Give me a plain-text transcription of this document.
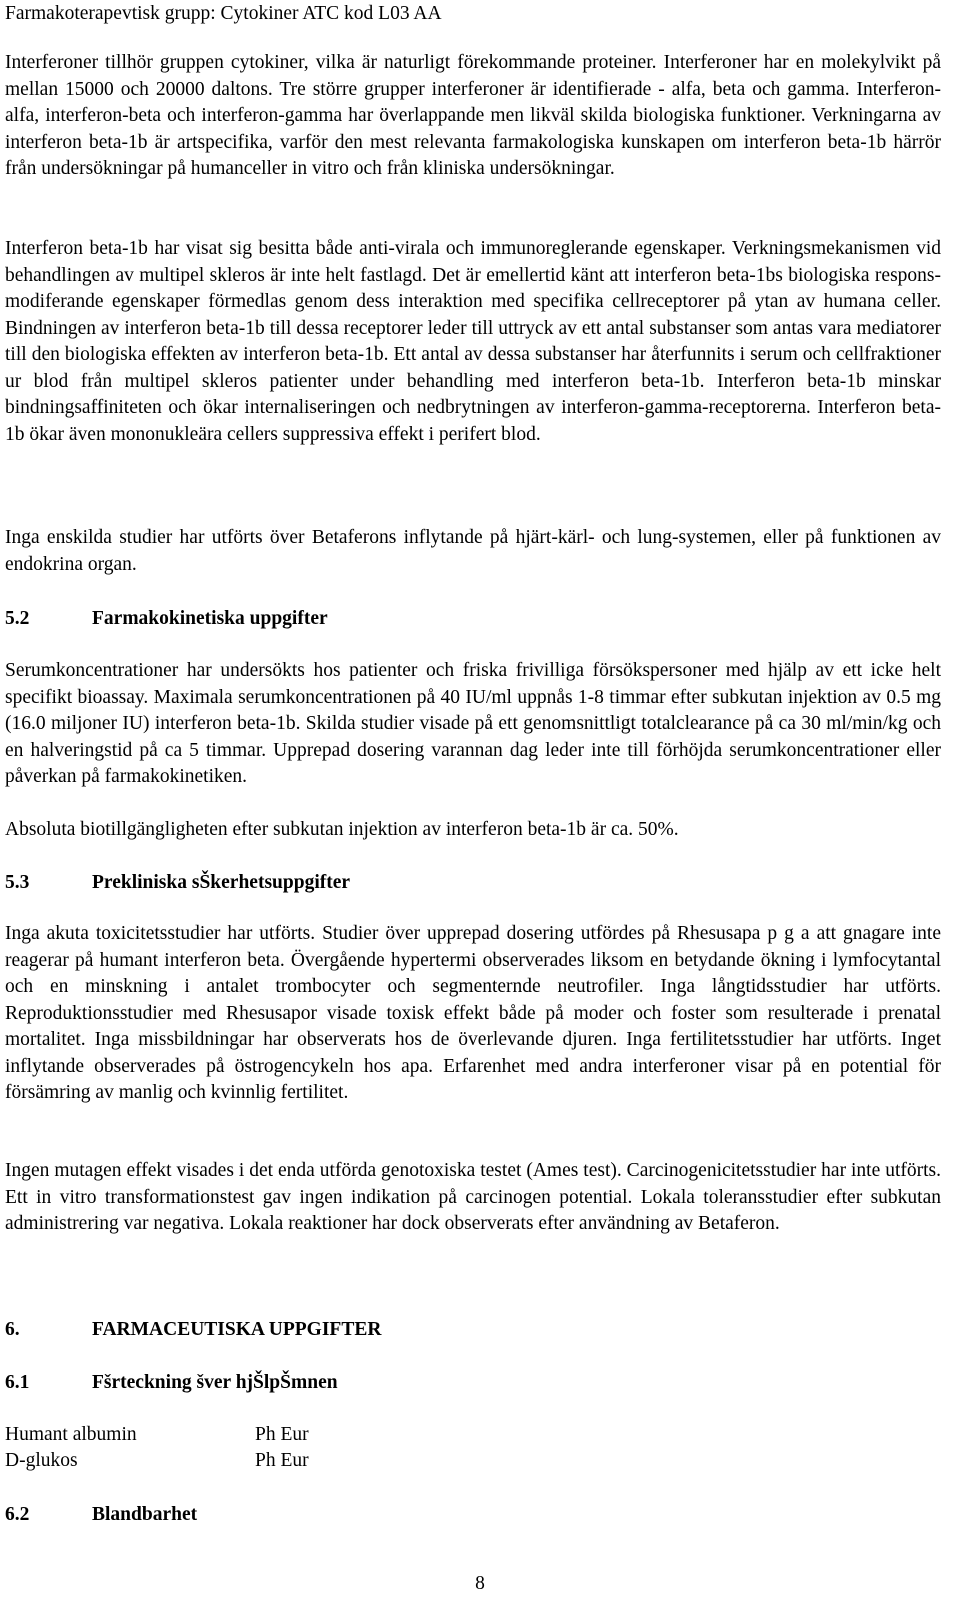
Farmakoterapevtisk grupp: Cytokiner ATC kod L03 AA

Interferoner tillhör gruppen cytokiner, vilka är naturligt förekommande proteiner. Interferoner har en molekylvikt på mellan 15000 och 20000 daltons. Tre större grupper interferoner är identifierade - alfa, beta och gamma. Interferon-alfa, interferon-beta och interferon-gamma har överlappande men likväl skilda biologiska funktioner. Verkningarna av interferon beta-1b är artspecifika, varför den mest relevanta farmakologiska kunskapen om interferon beta-1b härrör från undersökningar på humanceller in vitro och från kliniska undersökningar.

Interferon beta-1b har visat sig besitta både anti-virala och immunoreglerande egenskaper. Verkningsmekanismen vid behandlingen av multipel skleros är inte helt fastlagd. Det är emellertid känt att interferon beta-1bs biologiska respons-modiferande egenskaper förmedlas genom dess interaktion med specifika cellreceptorer på ytan av humana celler. Bindningen av interferon beta-1b till dessa receptorer leder till uttryck av ett antal substanser som antas vara mediatorer till den biologiska effekten av interferon beta-1b. Ett antal av dessa substanser har återfunnits i serum och cellfraktioner ur blod från multipel skleros patienter under behandling med interferon beta-1b. Interferon beta-1b minskar bindningsaffiniteten och ökar internaliseringen och nedbrytningen av interferon-gamma-receptorerna. Interferon beta-1b ökar även mononukleära cellers suppressiva effekt i perifert blod.

Inga enskilda studier har utförts över Betaferons inflytande på hjärt-kärl- och lung-systemen, eller på funktionen av endokrina organ.

5.2	Farmakokinetiska uppgifter

Serumkoncentrationer har undersökts hos patienter och friska frivilliga försökspersoner med hjälp av ett icke helt specifikt bioassay. Maximala serumkoncentrationen på 40 IU/ml uppnås 1-8 timmar efter subkutan injektion av 0.5 mg (16.0 miljoner IU) interferon beta-1b. Skilda studier visade på ett genomsnittligt totalclearance på ca 30 ml/min/kg och en halveringstid på ca 5 timmar. Upprepad dosering varannan dag leder inte till förhöjda serumkoncentrationer eller påverkan på farmakokinetiken.

Absoluta biotillgängligheten efter subkutan injektion av interferon beta-1b är ca. 50%.

5.3	Prekliniska sŠkerhetsuppgifter

Inga akuta toxicitetsstudier har utförts. Studier över upprepad dosering utfördes på Rhesusapa p g a att gnagare inte reagerar på humant interferon beta. Övergående hypertermi observerades liksom en betydande ökning i lymfocytantal och en minskning i antalet trombocyter och segmenternde neutrofiler. Inga långtidsstudier har utförts. Reproduktionsstudier med Rhesusapor visade toxisk effekt både på moder och foster som resulterade i prenatal mortalitet. Inga missbildningar har observerats hos de överlevande djuren. Inga fertilitetsstudier har utförts. Inget inflytande observerades på östrogencykeln hos apa. Erfarenhet med andra interferoner visar på en potential för försämring av manlig och kvinnlig fertilitet.

Ingen mutagen effekt visades i det enda utförda genotoxiska testet (Ames test). Carcinogenicitetsstudier har inte utförts. Ett in vitro transformationstest gav ingen indikation på carcinogen potential. Lokala toleransstudier efter subkutan administrering var negativa. Lokala reaktioner har dock observerats efter användning av Betaferon.

6.	FARMACEUTISKA UPPGIFTER
6.1	Fšrteckning šver hjŠlpŠmnen
Humant albumin	Ph Eur
D-glukos	Ph Eur
6.2	Blandbarhet
8
